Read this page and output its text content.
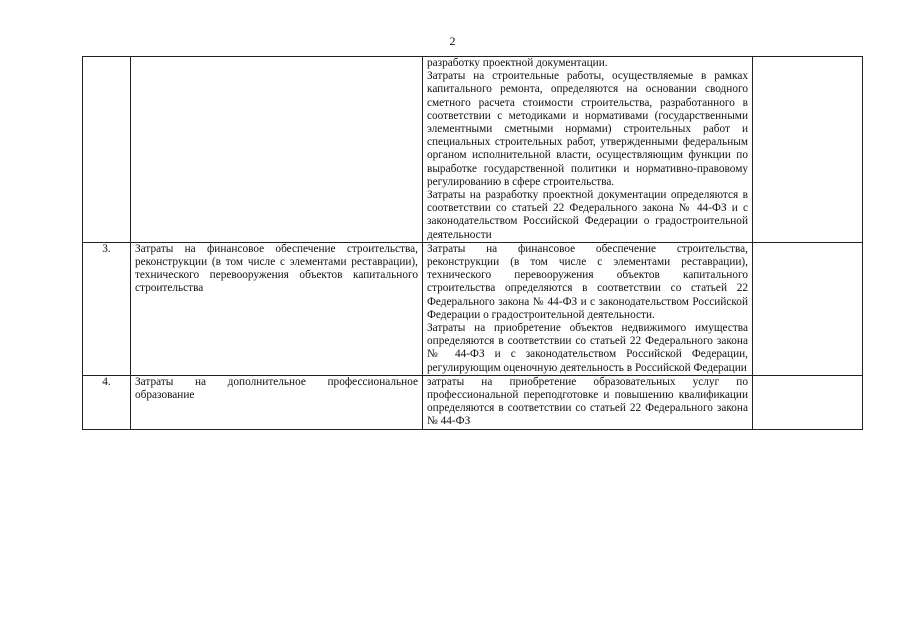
2

		разработку проектной документации.

Затраты на строительные работы, осуществляемые в рамках капитального ремонта, определяются на основании сводного сметного расчета стоимости строительства, разработанного в соответствии с методиками и нормативами (государственными элементными сметными нормами) строительных работ и специальных строительных работ, утвержденными федеральным органом исполнительной власти, осуществляющим функции по выработке государственной политики и нормативно-правовому регулированию в сфере строительства.

Затраты на разработку проектной документации определяются в соответствии со статьей 22 Федерального закона № 44-ФЗ и с законодательством Российской Федерации о градостроительной деятельности	

3.	Затраты на финансовое обеспечение строительства, реконструкции (в том числе с элементами реставрации), технического перевооружения объектов капитального строительства	Затраты на финансовое обеспечение строительства, реконструкции (в том числе с элементами реставрации), технического перевооружения объектов капитального строительства определяются в соответствии со статьей 22 Федерального закона № 44-ФЗ и с законодательством Российской Федерации о градостроительной деятельности.

Затраты на приобретение объектов недвижимого имущества определяются в соответствии со статьей 22 Федерального закона № 44-ФЗ и с законодательством Российской Федерации, регулирующим оценочную деятельность в Российской Федерации	

4.	Затраты на дополнительное профессиональное образование	затраты на приобретение образовательных услуг по профессиональной переподготовке и повышению квалификации определяются в соответствии со статьей 22 Федерального закона № 44-ФЗ	
